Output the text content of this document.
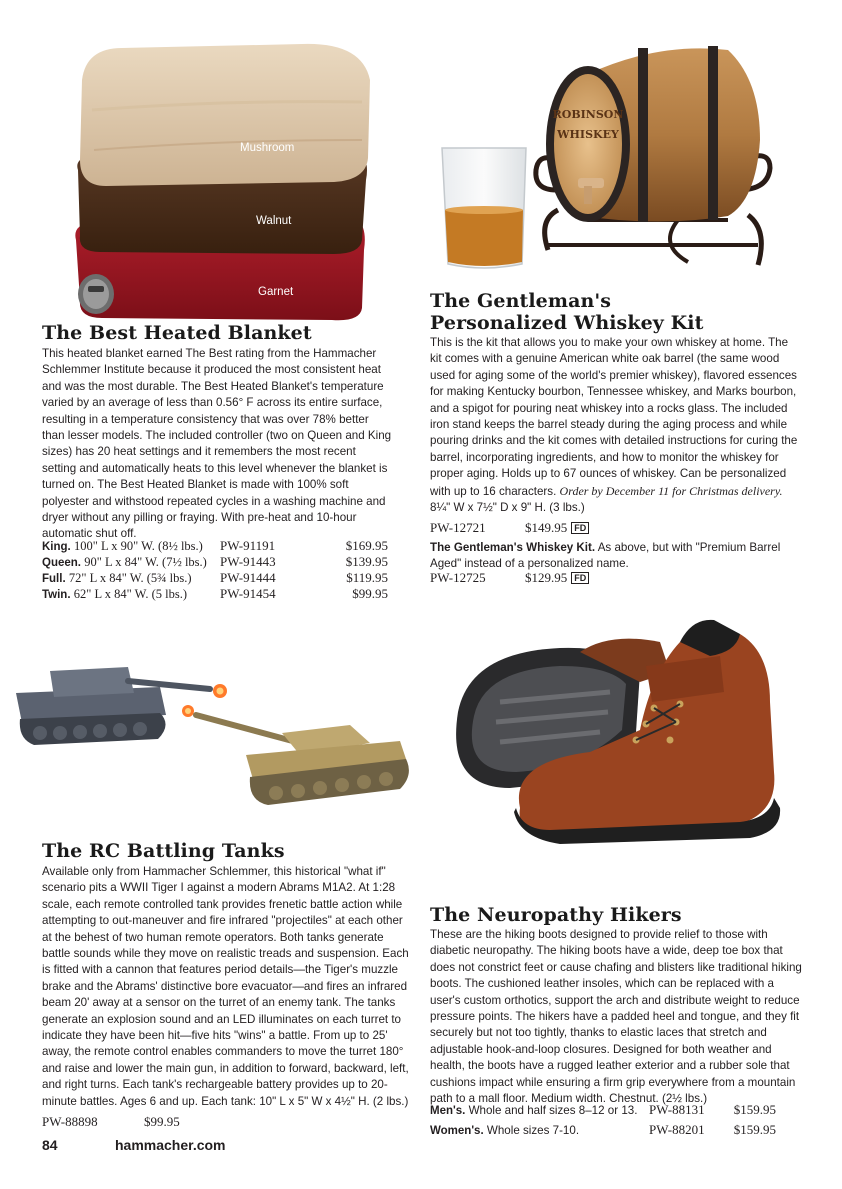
Mushroom
Walnut
Garnet
The Best Heated Blanket
This heated blanket earned The Best rating from the Hammacher Schlemmer Institute because it produced the most consistent heat and was the most durable. The Best Heated Blanket's temperature varied by an average of less than 0.56° F across its entire surface, resulting in a temperature consistency that was over 78% better than lesser models. The included controller (two on Queen and King sizes) has 20 heat settings and it remembers the most recent setting and automatically heats to this level whenever the blanket is turned on. The Best Heated Blanket is made with 100% soft polyester and withstood repeated cycles in a washing machine and dryer without any pilling or fraying. With pre-heat and 10-hour automatic shut off.
King. 100" L x 90" W. (8½ lbs.) PW-91191	$169.95
Queen. 90" L x 84" W. (7½ lbs.) PW-91443	$139.95
Full. 72" L x 84" W. (5¾ lbs.) PW-91444	$119.95
Twin. 62" L x 84" W. (5 lbs.)	PW-91454	$99.95
ROBINSON
WHISKEY
The Gentleman's
Personalized Whiskey Kit
This is the kit that allows you to make your own whiskey at home. The kit comes with a genuine American white oak barrel (the same wood used for aging some of the world's premier whiskey), flavored essences for making Kentucky bourbon, Tennessee whiskey, and Marks bourbon, and a spigot for pouring neat whiskey into a rocks glass. The included iron stand keeps the barrel steady during the aging process and while pouring drinks and the kit comes with detailed instructions for curing the barrel, incorporating ingredients, and how to monitor the whiskey for proper aging. Holds up to 67 ounces of whiskey. Can be personalized with up to 16 characters. Order by December 11 for Christmas delivery. 8¼" W x 7½" D x 9" H. (3 lbs.)
PW-12721	$149.95 FD
The Gentleman's Whiskey Kit. As above, but with "Premium Barrel Aged" instead of a personalized name.
PW-12725	$129.95 FD
The RC Battling Tanks
Available only from Hammacher Schlemmer, this historical "what if" scenario pits a WWII Tiger I against a modern Abrams M1A2. At 1:28 scale, each remote controlled tank provides frenetic battle action while attempting to out-maneuver and fire infrared "projectiles" at each other at the behest of two human remote operators. Both tanks generate battle sounds while they move on realistic treads and suspension. Each is fitted with a cannon that features period details—the Tiger's muzzle brake and the Abrams' distinctive bore evacuator—and fires an infrared beam 20' away at a sensor on the turret of an enemy tank. The tanks generate an explosion sound and an LED illuminates on each turret to indicate they have been hit—five hits "wins" a battle. From up to 25' away, the remote control enables commanders to move the turret 180° and raise and lower the main gun, in addition to forward, backward, left, and right turns. Each tank's rechargeable battery provides up to 20-minute battles. Ages 6 and up. Each tank: 10" L x 5" W x 4½" H. (2 lbs.)
PW-88898	$99.95
The Neuropathy Hikers
These are the hiking boots designed to provide relief to those with diabetic neuropathy. The hiking boots have a wide, deep toe box that does not constrict feet or cause chafing and blisters like traditional hiking boots. The cushioned leather insoles, which can be replaced with a user's custom orthotics, support the arch and distribute weight to reduce pressure points. The hikers have a padded heel and tongue, and they fit securely but not too tightly, thanks to elastic laces that stretch and adjustable hook-and-loop closures. Designed for both weather and health, the boots have a rugged leather exterior and a rubber sole that cushions impact while ensuring a firm grip everywhere from a mountain path to a mall floor. Medium width. Chestnut. (2½ lbs.)
Men's. Whole and half sizes 8–12 or 13. PW-88131 $159.95
Women's. Whole sizes 7-10.	PW-88201 $159.95
84	hammacher.com
